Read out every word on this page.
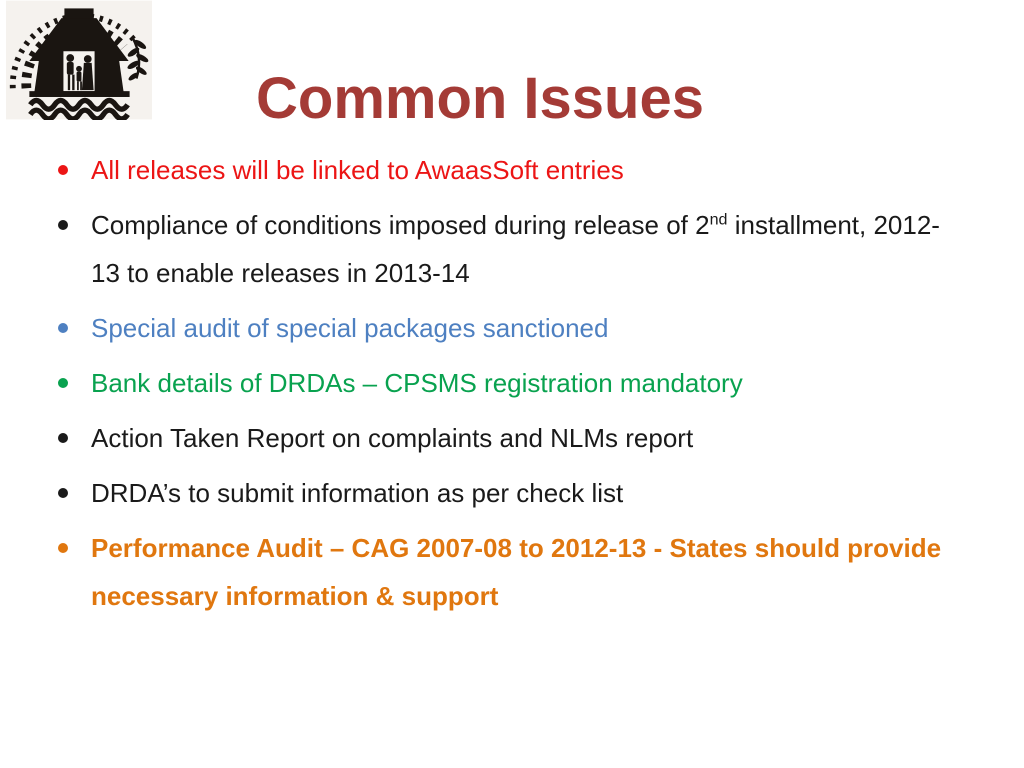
Common Issues
All releases will be linked to AwaasSoft entries
Compliance of conditions imposed during release of 2nd installment, 2012-13 to enable releases in 2013-14
Special audit of special packages sanctioned
Bank details of DRDAs – CPSMS registration mandatory
Action Taken Report on complaints and NLMs report
DRDA’s to submit information as per check list
Performance Audit – CAG 2007-08 to 2012-13 - States should provide necessary information & support
